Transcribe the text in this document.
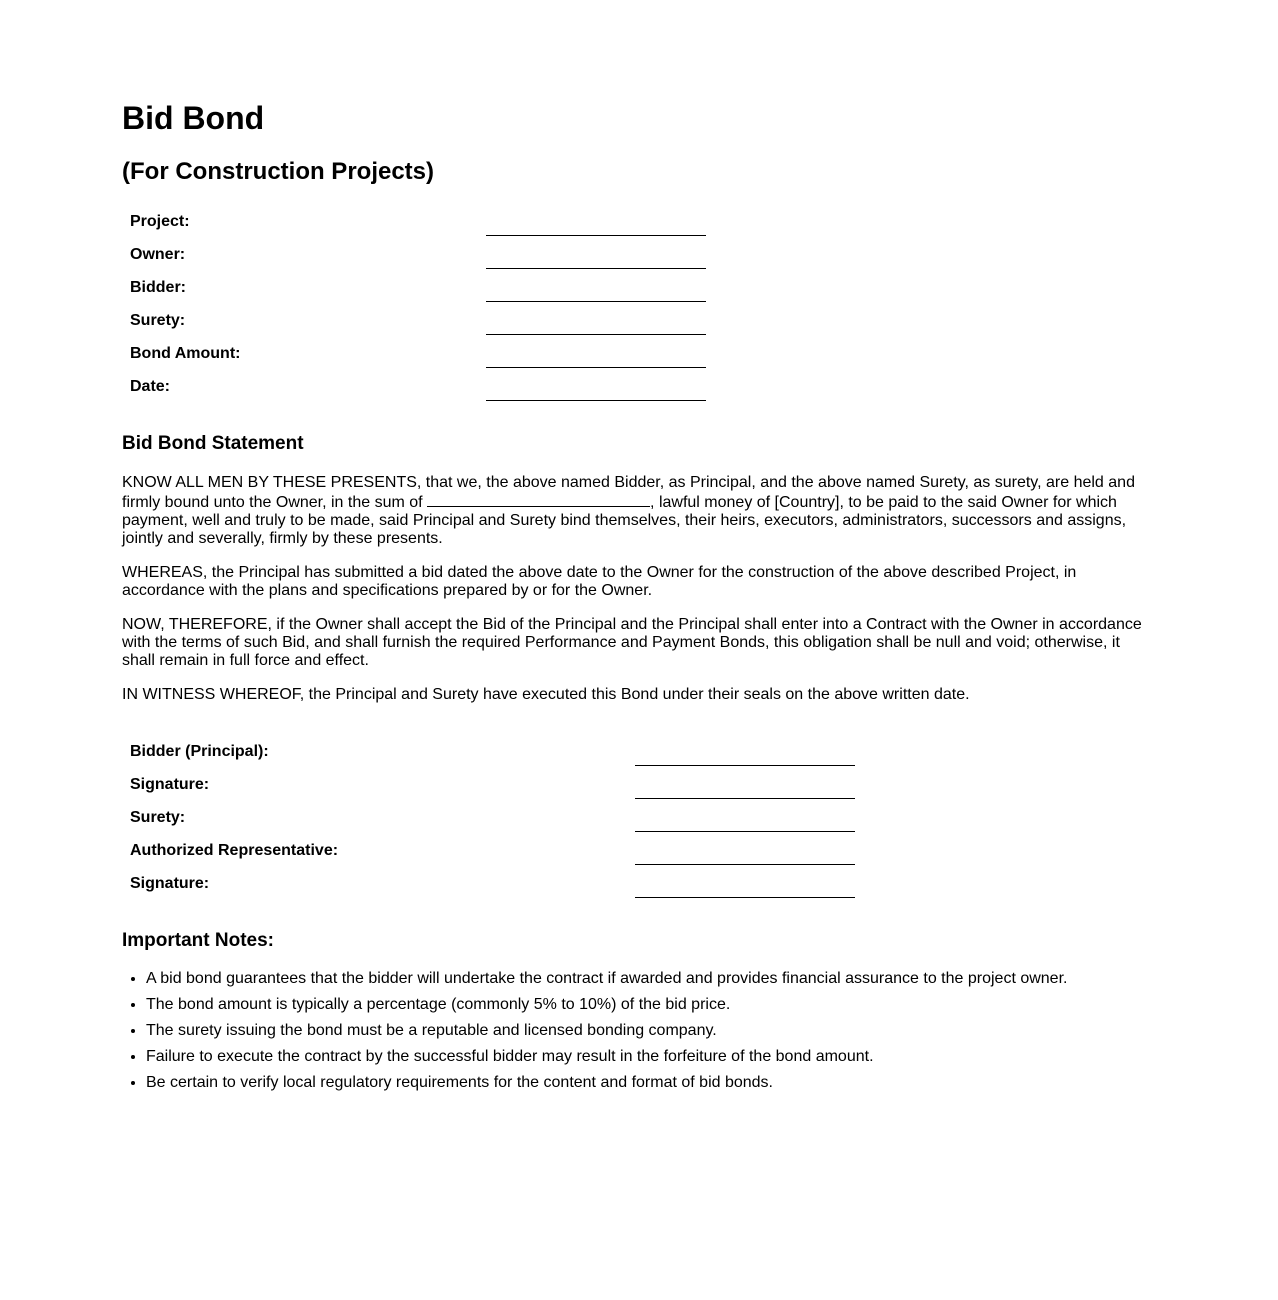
Bid Bond
(For Construction Projects)
Project:	

Owner:	

Bidder:	

Surety:	

Bond Amount:	

Date:	
Bid Bond Statement

KNOW ALL MEN BY THESE PRESENTS, that we, the above named Bidder, as Principal, and the above named Surety, as surety, are held and firmly bound unto the Owner, in the sum of	, lawful money of [Country], to be paid to the said Owner for which payment, well and truly to be made, said Principal and Surety bind themselves, their heirs, executors, administrators, successors and assigns, jointly and severally, firmly by these presents.

WHEREAS, the Principal has submitted a bid dated the above date to the Owner for the construction of the above described Project, in accordance with the plans and specifications prepared by or for the Owner.

NOW, THEREFORE, if the Owner shall accept the Bid of the Principal and the Principal shall enter into a Contract with the Owner in accordance with the terms of such Bid, and shall furnish the required Performance and Payment Bonds, this obligation shall be null and void; otherwise, it shall remain in full force and effect.

IN WITNESS WHEREOF, the Principal and Surety have executed this Bond under their seals on the above written date.

Bidder (Principal):	

Signature:	

Surety:	

Authorized Representative:	

Signature:	
Important Notes:
• A bid bond guarantees that the bidder will undertake the contract if awarded and provides financial assurance to the project owner.
• The bond amount is typically a percentage (commonly 5% to 10%) of the bid price.
• The surety issuing the bond must be a reputable and licensed bonding company.
• Failure to execute the contract by the successful bidder may result in the forfeiture of the bond amount.
• Be certain to verify local regulatory requirements for the content and format of bid bonds.
